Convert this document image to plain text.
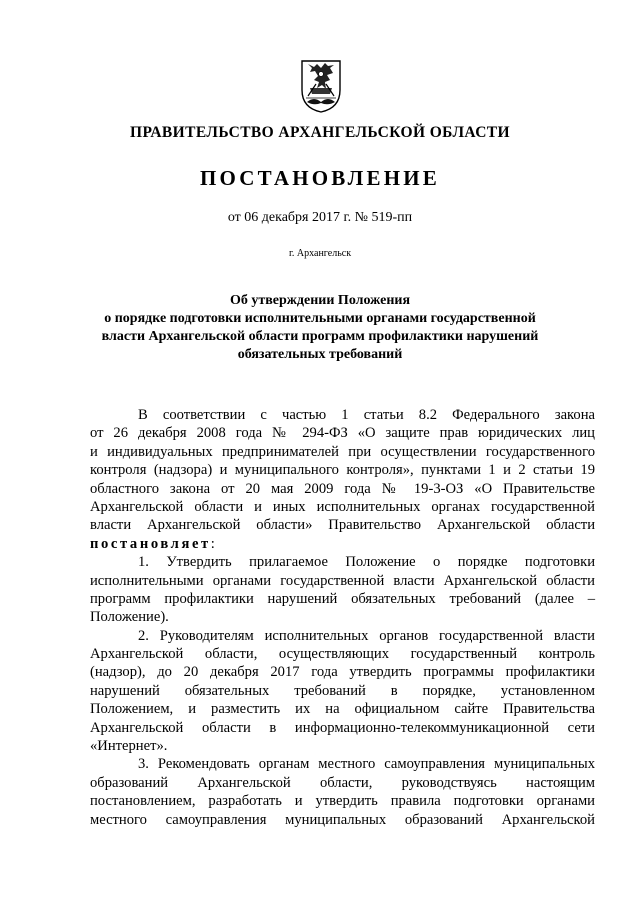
ПРАВИТЕЛЬСТВО АРХАНГЕЛЬСКОЙ ОБЛАСТИ
ПОСТАНОВЛЕНИЕ
от 06 декабря 2017 г. № 519-пп
г. Архангельск
Об утверждении Положения
о порядке подготовки исполнительными органами государственной
власти Архангельской области программ профилактики нарушений
обязательных требований
В соответствии с частью 1 статьи 8.2 Федерального закона
от 26 декабря 2008 года № 294-ФЗ «О защите прав юридических лиц
и индивидуальных предпринимателей при осуществлении государственного
контроля (надзора) и муниципального контроля», пунктами 1 и 2 статьи 19
областного закона от 20 мая 2009 года № 19-3-ОЗ «О Правительстве
Архангельской области и иных исполнительных органах государственной
власти Архангельской области» Правительство Архангельской области
постановляет:
1. Утвердить прилагаемое Положение о порядке подготовки
исполнительными органами государственной власти Архангельской области
программ профилактики нарушений обязательных требований (далее –
Положение).
2. Руководителям исполнительных органов государственной власти
Архангельской области, осуществляющих государственный контроль
(надзор), до 20 декабря 2017 года утвердить программы профилактики
нарушений обязательных требований в порядке, установленном
Положением, и разместить их на официальном сайте Правительства
Архангельской области в информационно-телекоммуникационной сети
«Интернет».
3. Рекомендовать органам местного самоуправления муниципальных
образований Архангельской области, руководствуясь настоящим
постановлением, разработать и утвердить правила подготовки органами
местного самоуправления муниципальных образований Архангельской
